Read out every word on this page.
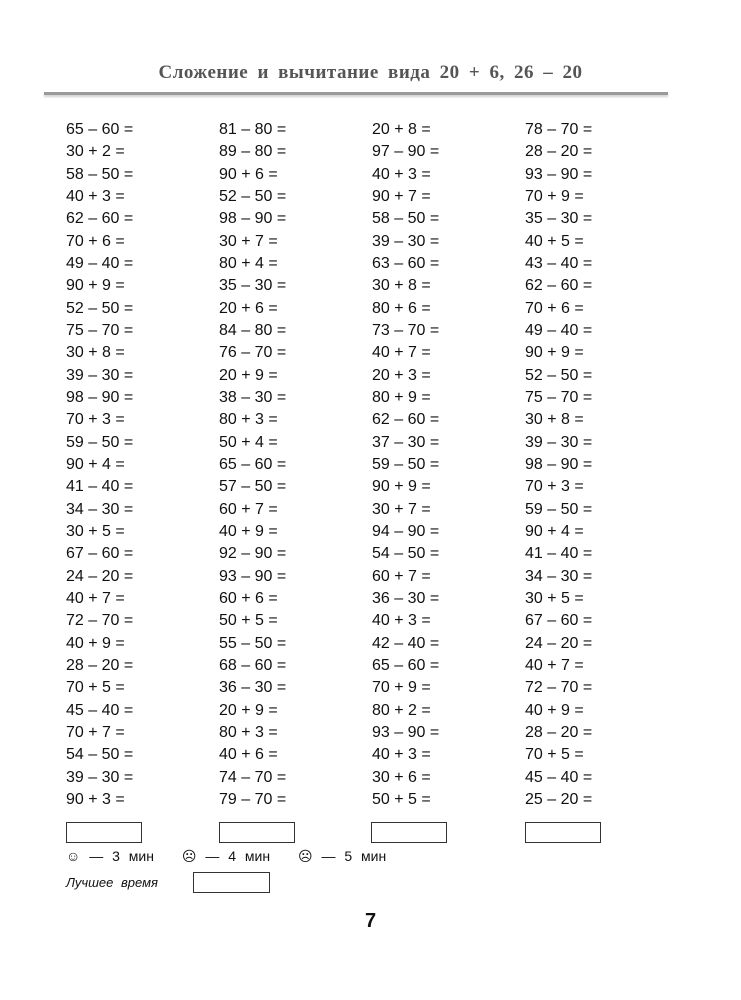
Сложение и вычитание вида 20 + 6, 26 – 20
65 – 60 =
30 + 2 =
58 – 50 =
40 + 3 =
62 – 60 =
70 + 6 =
49 – 40 =
90 + 9 =
52 – 50 =
75 – 70 =
30 + 8 =
39 – 30 =
98 – 90 =
70 + 3 =
59 – 50 =
90 + 4 =
41 – 40 =
34 – 30 =
30 + 5 =
67 – 60 =
24 – 20 =
40 + 7 =
72 – 70 =
40 + 9 =
28 – 20 =
70 + 5 =
45 – 40 =
70 + 7 =
54 – 50 =
39 – 30 =
90 + 3 =
81 – 80 =
89 – 80 =
90 + 6 =
52 – 50 =
98 – 90 =
30 + 7 =
80 + 4 =
35 – 30 =
20 + 6 =
84 – 80 =
76 – 70 =
20 + 9 =
38 – 30 =
80 + 3 =
50 + 4 =
65 – 60 =
57 – 50 =
60 + 7 =
40 + 9 =
92 – 90 =
93 – 90 =
60 + 6 =
50 + 5 =
55 – 50 =
68 – 60 =
36 – 30 =
20 + 9 =
80 + 3 =
40 + 6 =
74 – 70 =
79 – 70 =
20 + 8 =
97 – 90 =
40 + 3 =
90 + 7 =
58 – 50 =
39 – 30 =
63 – 60 =
30 + 8 =
80 + 6 =
73 – 70 =
40 + 7 =
20 + 3 =
80 + 9 =
62 – 60 =
37 – 30 =
59 – 50 =
90 + 9 =
30 + 7 =
94 – 90 =
54 – 50 =
60 + 7 =
36 – 30 =
40 + 3 =
42 – 40 =
65 – 60 =
70 + 9 =
80 + 2 =
93 – 90 =
40 + 3 =
30 + 6 =
50 + 5 =
78 – 70 =
28 – 20 =
93 – 90 =
70 + 9 =
35 – 30 =
40 + 5 =
43 – 40 =
62 – 60 =
70 + 6 =
49 – 40 =
90 + 9 =
52 – 50 =
75 – 70 =
30 + 8 =
39 – 30 =
98 – 90 =
70 + 3 =
59 – 50 =
90 + 4 =
41 – 40 =
34 – 30 =
30 + 5 =
67 – 60 =
24 – 20 =
40 + 7 =
72 – 70 =
40 + 9 =
28 – 20 =
70 + 5 =
45 – 40 =
25 – 20 =
☺ — 3 мин ☹ — 4 мин ☹ — 5 мин
Лучшее время
7
